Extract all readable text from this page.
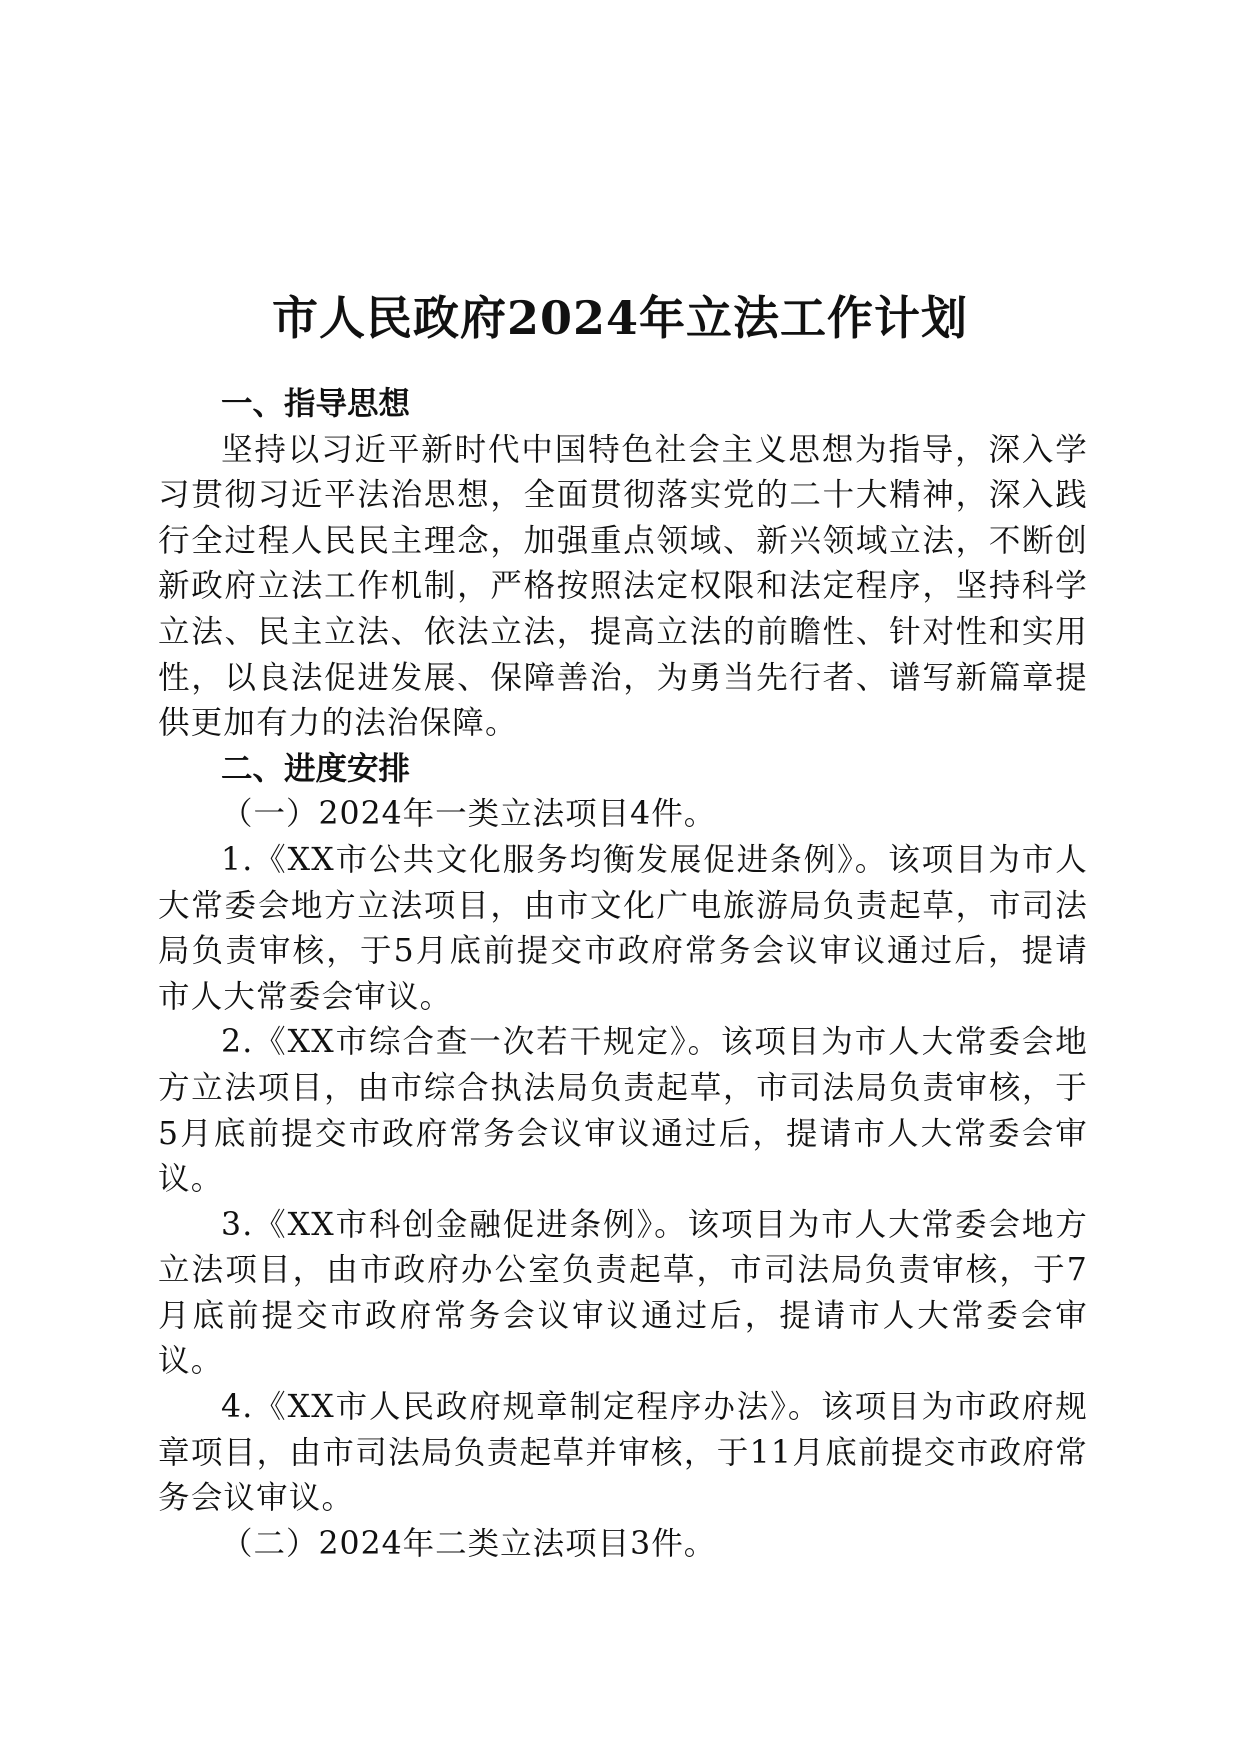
市人民政府2024年立法工作计划
一、指导思想

坚持以习近平新时代中国特色社会主义思想为指导，深入学习贯彻习近平法治思想，全面贯彻落实党的二十大精神，深入践行全过程人民民主理念，加强重点领域、新兴领域立法，不断创新政府立法工作机制，严格按照法定权限和法定程序，坚持科学立法、民主立法、依法立法，提高立法的前瞻性、针对性和实用性，以良法促进发展、保障善治，为勇当先行者、谱写新篇章提供更加有力的法治保障。

二、进度安排

（一）2024年一类立法项目4件。

1.《XX市公共文化服务均衡发展促进条例》。该项目为市人大常委会地方立法项目，由市文化广电旅游局负责起草，市司法局负责审核，于5月底前提交市政府常务会议审议通过后，提请市人大常委会审议。

2.《XX市综合查一次若干规定》。该项目为市人大常委会地方立法项目，由市综合执法局负责起草，市司法局负责审核，于5月底前提交市政府常务会议审议通过后，提请市人大常委会审议。

3.《XX市科创金融促进条例》。该项目为市人大常委会地方立法项目，由市政府办公室负责起草，市司法局负责审核，于7月底前提交市政府常务会议审议通过后，提请市人大常委会审议。

4.《XX市人民政府规章制定程序办法》。该项目为市政府规章项目，由市司法局负责起草并审核，于11月底前提交市政府常务会议审议。

（二）2024年二类立法项目3件。
